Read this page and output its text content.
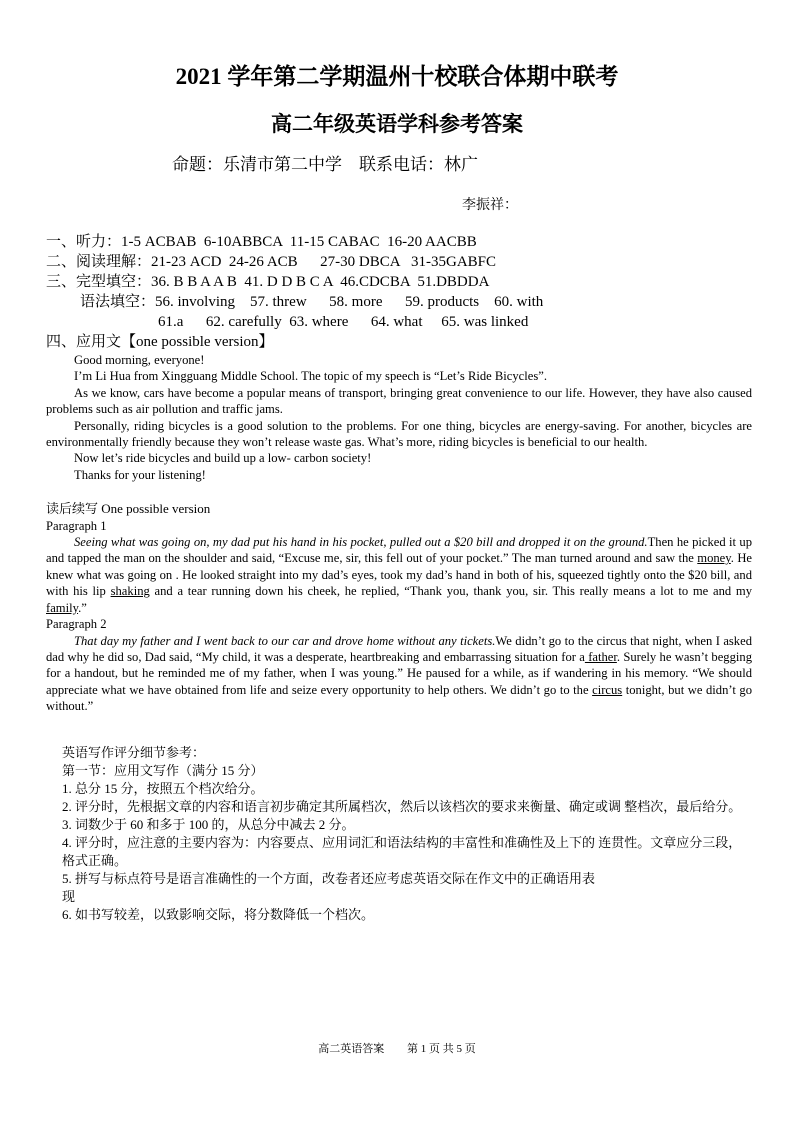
2021 学年第二学期温州十校联合体期中联考
高二年级英语学科参考答案
命题：乐清市第二中学　联系电话：林广
李振祥：
一、听力：1-5 ACBAB  6-10ABBCA  11-15 CABAC  16-20 AACBB
二、阅读理解：21-23 ACD  24-26 ACB      27-30 DBCA   31-35GABFC
三、完型填空：36. B B A A B  41. D D B C A  46.CDCBA  51.DBDDA
语法填空：56. involving    57. threw      58. more      59. products    60. with
61.a      62. carefully  63. where      64. what     65. was linked
四、应用文【one possible version】

Good morning, everyone!

I’m Li Hua from Xingguang Middle School. The topic of my speech is “Let’s Ride Bicycles”.

As we know, cars have become a popular means of transport, bringing great convenience to our life. However, they have also caused problems such as air pollution and traffic jams.

Personally, riding bicycles is a good solution to the problems. For one thing, bicycles are energy-saving. For another, bicycles are environmentally friendly because they won’t release waste gas. What’s more, riding bicycles is beneficial to our health.

Now let’s ride bicycles and build up a low- carbon society!

Thanks for your listening!

读后续写 One possible version

Paragraph 1

Seeing what was going on, my dad put his hand in his pocket, pulled out a $20 bill and dropped it on the ground.Then he picked it up and tapped the man on the shoulder and said, “Excuse me, sir, this fell out of your pocket.” The man turned around and saw the money. He knew what was going on . He looked straight into my dad’s eyes, took my dad’s hand in both of his, squeezed tightly onto the $20 bill, and with his lip shaking and a tear running down his cheek, he replied, “Thank you, thank you, sir. This really means a lot to me and my family.”

Paragraph 2

That day my father and I went back to our car and drove home without any tickets.We didn’t go to the circus that night, when I asked dad why he did so, Dad said, “My child, it was a desperate, heartbreaking and embarrassing situation for a father. Surely he wasn’t begging for a handout, but he reminded me of my father, when I was young.” He paused for a while, as if wandering in his memory. “We should appreciate what we have obtained from life and seize every opportunity to help others. We didn’t go to the circus tonight, but we didn’t go without.”

英语写作评分细节参考：

第一节：应用文写作（满分 15 分）

1. 总分 15 分，按照五个档次给分。

2. 评分时，先根据文章的内容和语言初步确定其所属档次，然后以该档次的要求来衡量、确定或调 整档次，最后给分。

3. 词数少于 60 和多于 100 的，从总分中减去 2 分。

4. 评分时，应注意的主要内容为：内容要点、应用词汇和语法结构的丰富性和准确性及上下的 连贯性。文章应分三段，格式正确。

5. 拼写与标点符号是语言准确性的一个方面，改卷者还应考虑英语交际在作文中的正确语用表

现

6. 如书写较差，以致影响交际，将分数降低一个档次。

高二英语答案 第 1 页 共 5 页
